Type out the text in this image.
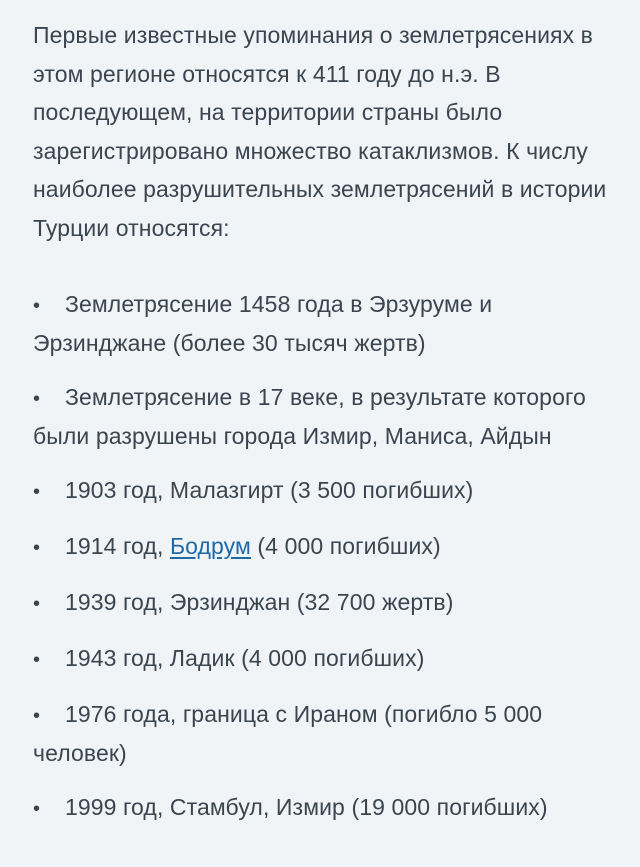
Первые известные упоминания о землетрясениях в этом регионе относятся к 411 году до н.э. В последующем, на территории страны было зарегистрировано множество катаклизмов. К числу наиболее разрушительных землетрясений в истории Турции относятся:

• Землетрясение 1458 года в Эрзуруме и Эрзинджане (более 30 тысяч жертв)
• Землетрясение в 17 веке, в результате которого были разрушены города Измир, Маниса, Айдын
• 1903 год, Малазгирт (3 500 погибших)
• 1914 год, Бодрум (4 000 погибших)
• 1939 год, Эрзинджан (32 700 жертв)
• 1943 год, Ладик (4 000 погибших)
• 1976 года, граница с Ираном (погибло 5 000 человек)
• 1999 год, Стамбул, Измир (19 000 погибших)
